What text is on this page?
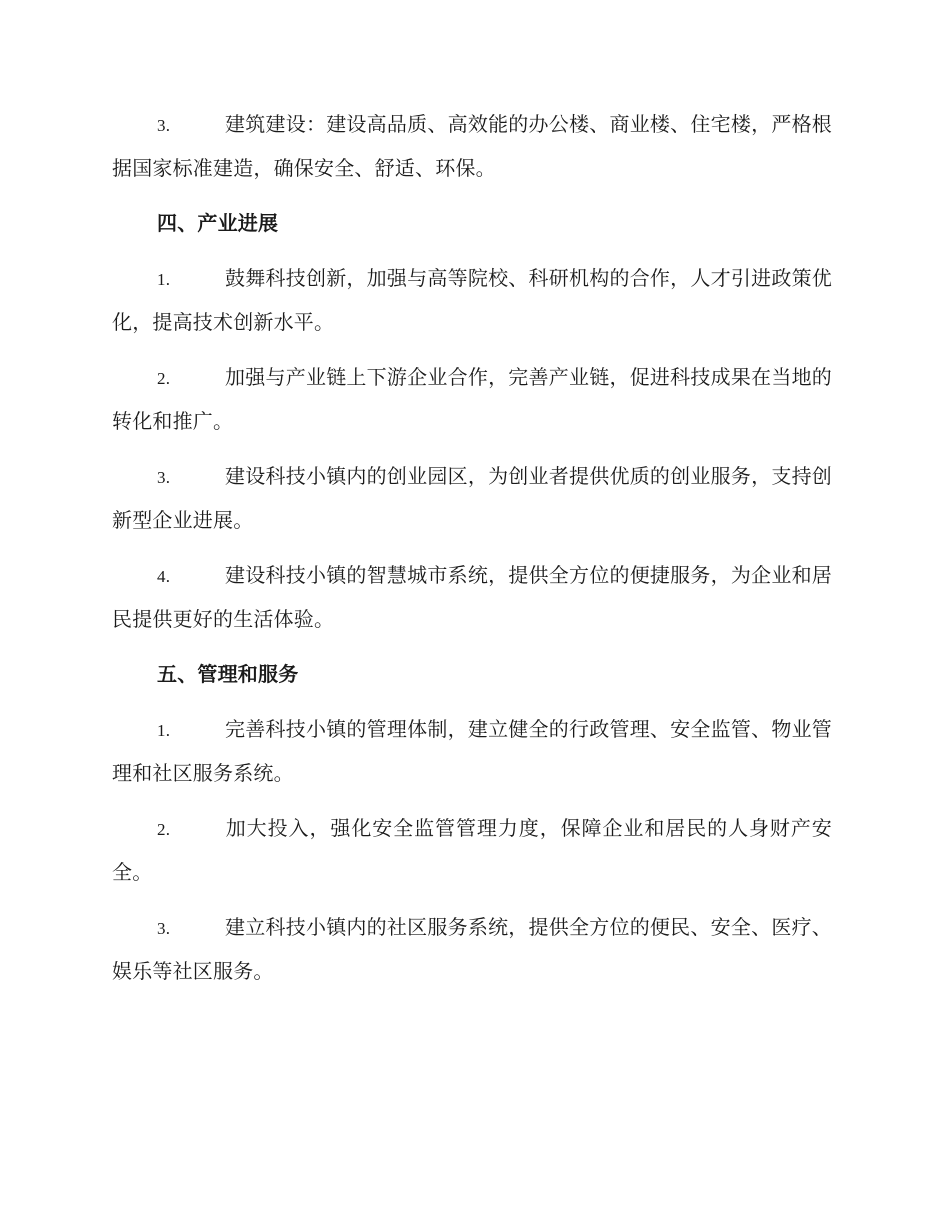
3.	建筑建设：建设高品质、高效能的办公楼、商业楼、住宅楼，严格根据国家标准建造，确保安全、舒适、环保。

四、产业进展

1.	鼓舞科技创新，加强与高等院校、科研机构的合作，人才引进政策优化，提高技术创新水平。

2.	加强与产业链上下游企业合作，完善产业链，促进科技成果在当地的转化和推广。

3.	建设科技小镇内的创业园区，为创业者提供优质的创业服务，支持创新型企业进展。

4.	建设科技小镇的智慧城市系统，提供全方位的便捷服务，为企业和居民提供更好的生活体验。

五、管理和服务

1.	完善科技小镇的管理体制，建立健全的行政管理、安全监管、物业管理和社区服务系统。

2.	加大投入，强化安全监管管理力度，保障企业和居民的人身财产安全。

3.	建立科技小镇内的社区服务系统，提供全方位的便民、安全、医疗、娱乐等社区服务。
